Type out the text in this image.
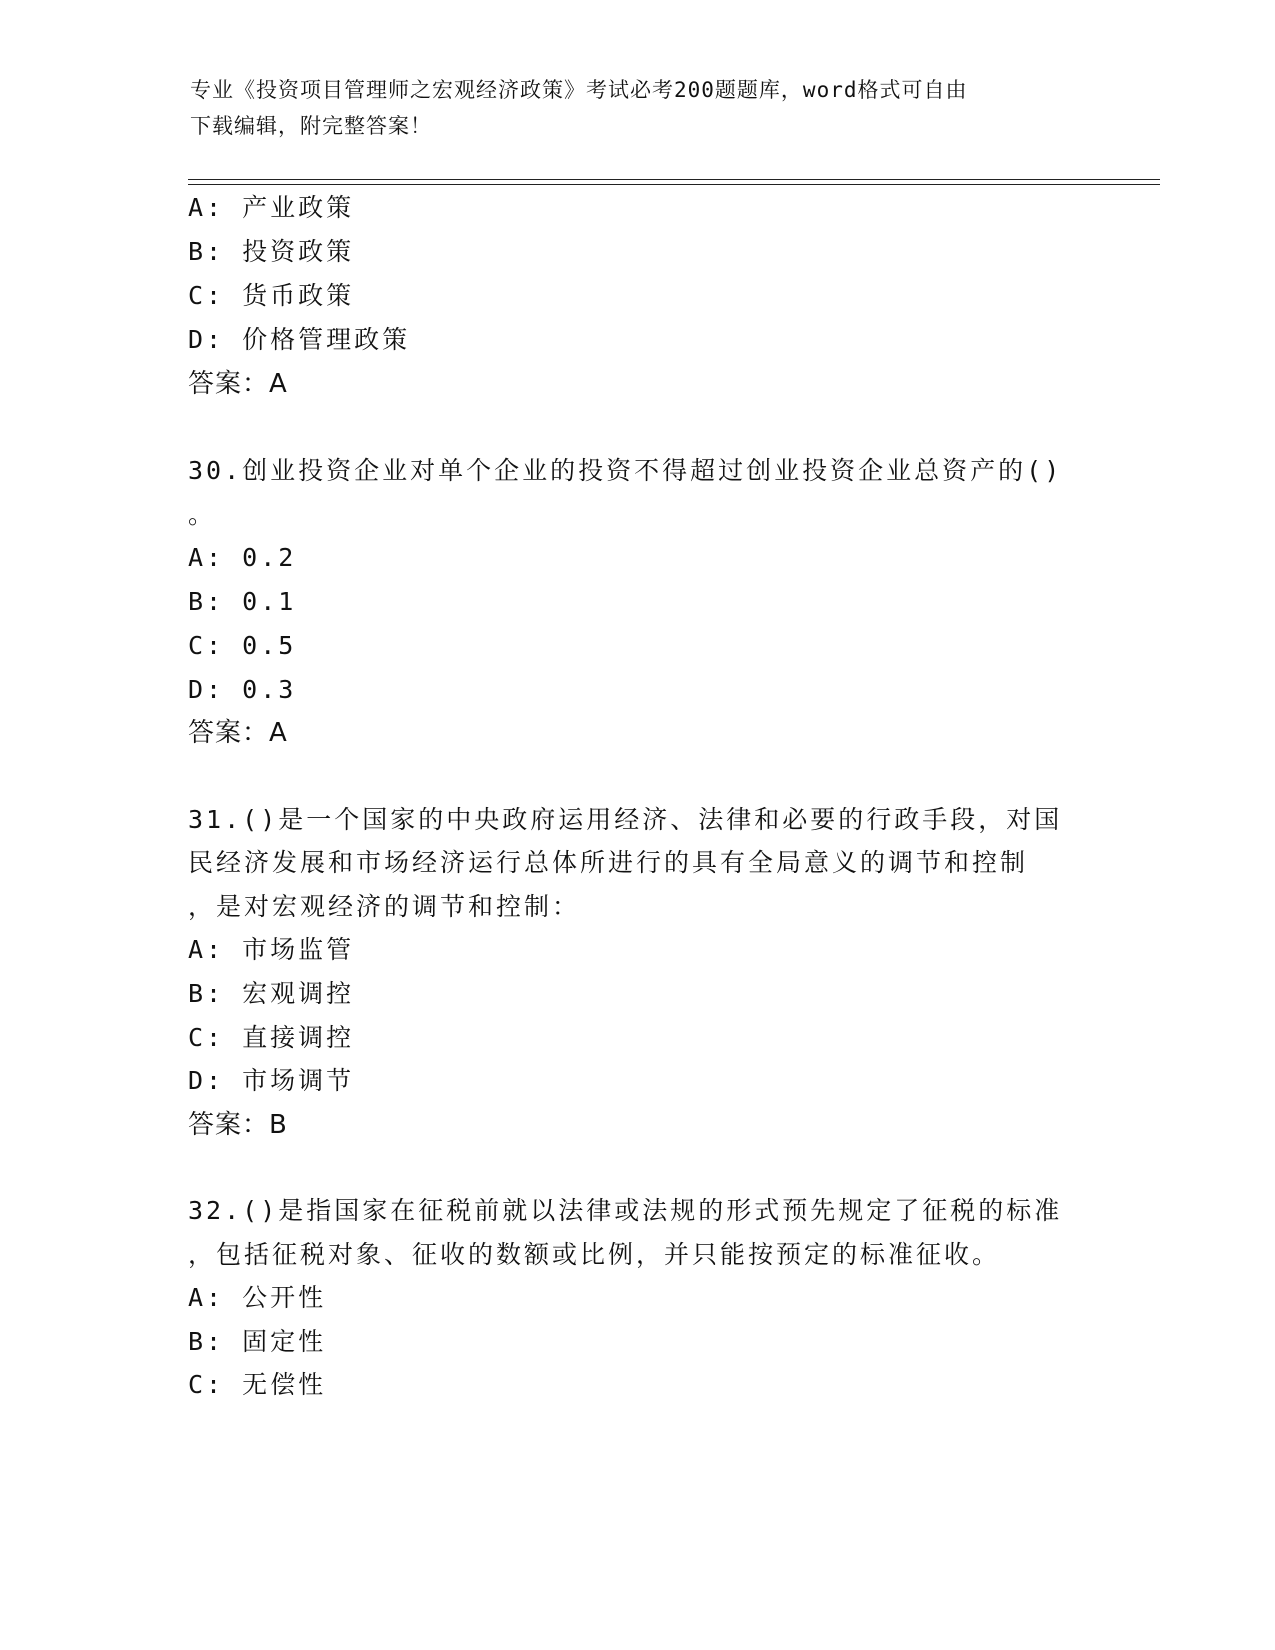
专业《投资项目管理师之宏观经济政策》考试必考200题题库，word格式可自由
下载编辑，附完整答案！
A: 产业政策
B: 投资政策
C: 货币政策
D: 价格管理政策
答案：A
30.创业投资企业对单个企业的投资不得超过创业投资企业总资产的()
。
A: 0.2
B: 0.1
C: 0.5
D: 0.3
答案：A
31.()是一个国家的中央政府运用经济、法律和必要的行政手段，对国
民经济发展和市场经济运行总体所进行的具有全局意义的调节和控制
，是对宏观经济的调节和控制：
A: 市场监管
B: 宏观调控
C: 直接调控
D: 市场调节
答案：B
32.()是指国家在征税前就以法律或法规的形式预先规定了征税的标准
，包括征税对象、征收的数额或比例，并只能按预定的标准征收。
A: 公开性
B: 固定性
C: 无偿性
